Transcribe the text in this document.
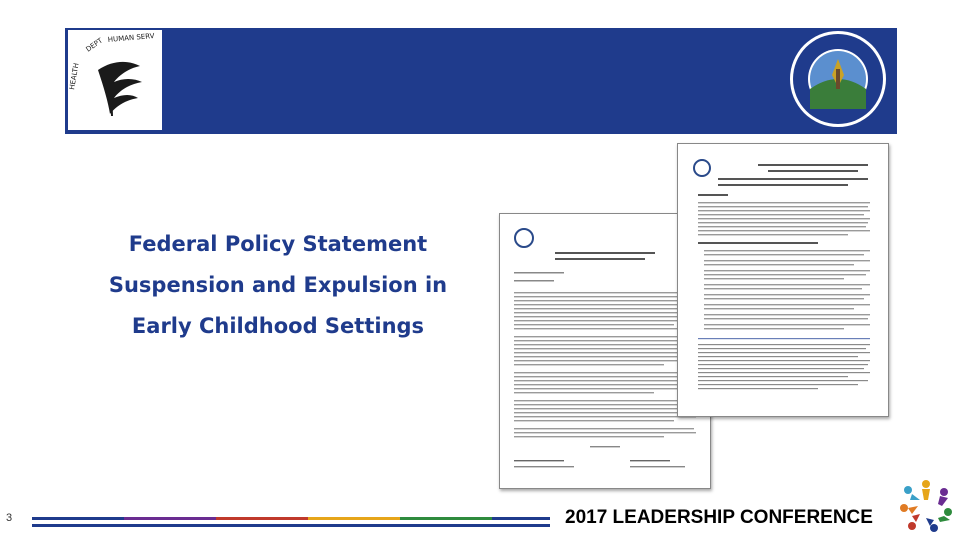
DEPT HUMAN SERV
HEALTH
Federal Policy Statement
Suspension and Expulsion in
Early Childhood Settings
3	2017 LEADERSHIP CONFERENCE
